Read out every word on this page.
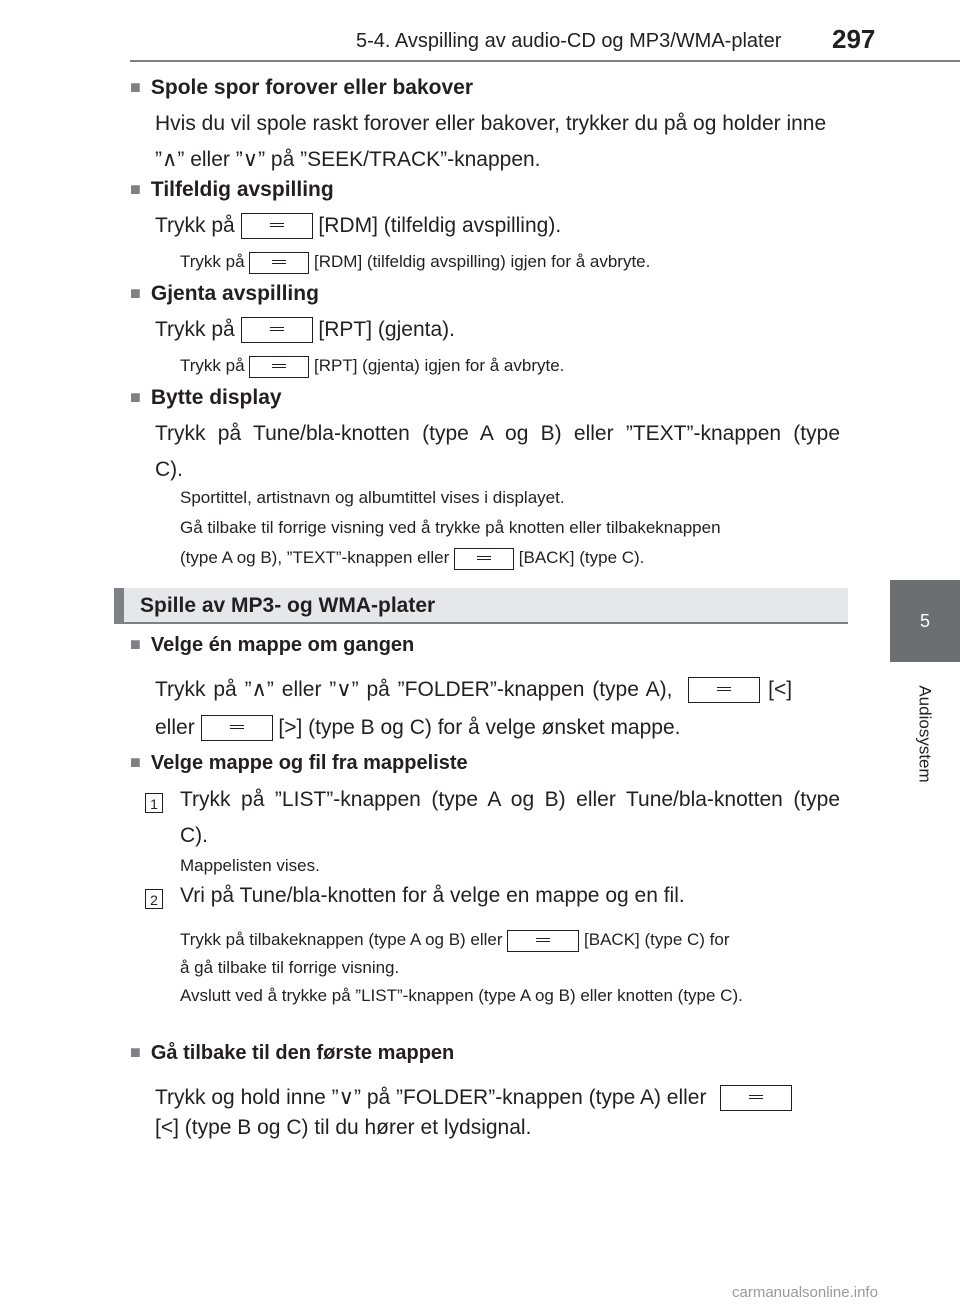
5-4. Avspilling av audio-CD og MP3/WMA-plater 297
5
Audiosystem
■ Spole spor forover eller bakover
Hvis du vil spole raskt forover eller bakover, trykker du på og holder inne ”∧” eller ”∨” på ”SEEK/TRACK”-knappen.
■ Tilfeldig avspilling
Trykk på	[RDM] (tilfeldig avspilling).
Trykk på	[RDM] (tilfeldig avspilling) igjen for å avbryte.
■ Gjenta avspilling
Trykk på	[RPT] (gjenta).
Trykk på	[RPT] (gjenta) igjen for å avbryte.
■ Bytte display
Trykk på Tune/bla-knotten (type A og B) eller ”TEXT”-knappen (type C).
Sportittel, artistnavn og albumtittel vises i displayet.
Gå tilbake til forrige visning ved å trykke på knotten eller tilbakeknappen
(type A og B), ”TEXT”-knappen eller	[BACK] (type C).
Spille av MP3- og WMA-plater
■ Velge én mappe om gangen
Trykk på ”∧” eller ”∨” på ”FOLDER”-knappen (type A),	[<]
eller	[>] (type B og C) for å velge ønsket mappe.
■ Velge mappe og fil fra mappeliste
1 Trykk på ”LIST”-knappen (type A og B) eller Tune/bla-knotten (type C).
Mappelisten vises.
2 Vri på Tune/bla-knotten for å velge en mappe og en fil.
Trykk på tilbakeknappen (type A og B) eller	[BACK] (type C) for
å gå tilbake til forrige visning.
Avslutt ved å trykke på ”LIST”-knappen (type A og B) eller knotten (type C).
■ Gå tilbake til den første mappen
Trykk og hold inne ”∨” på ”FOLDER”-knappen (type A) eller
[<] (type B og C) til du hører et lydsignal.
carmanualsonline.info
